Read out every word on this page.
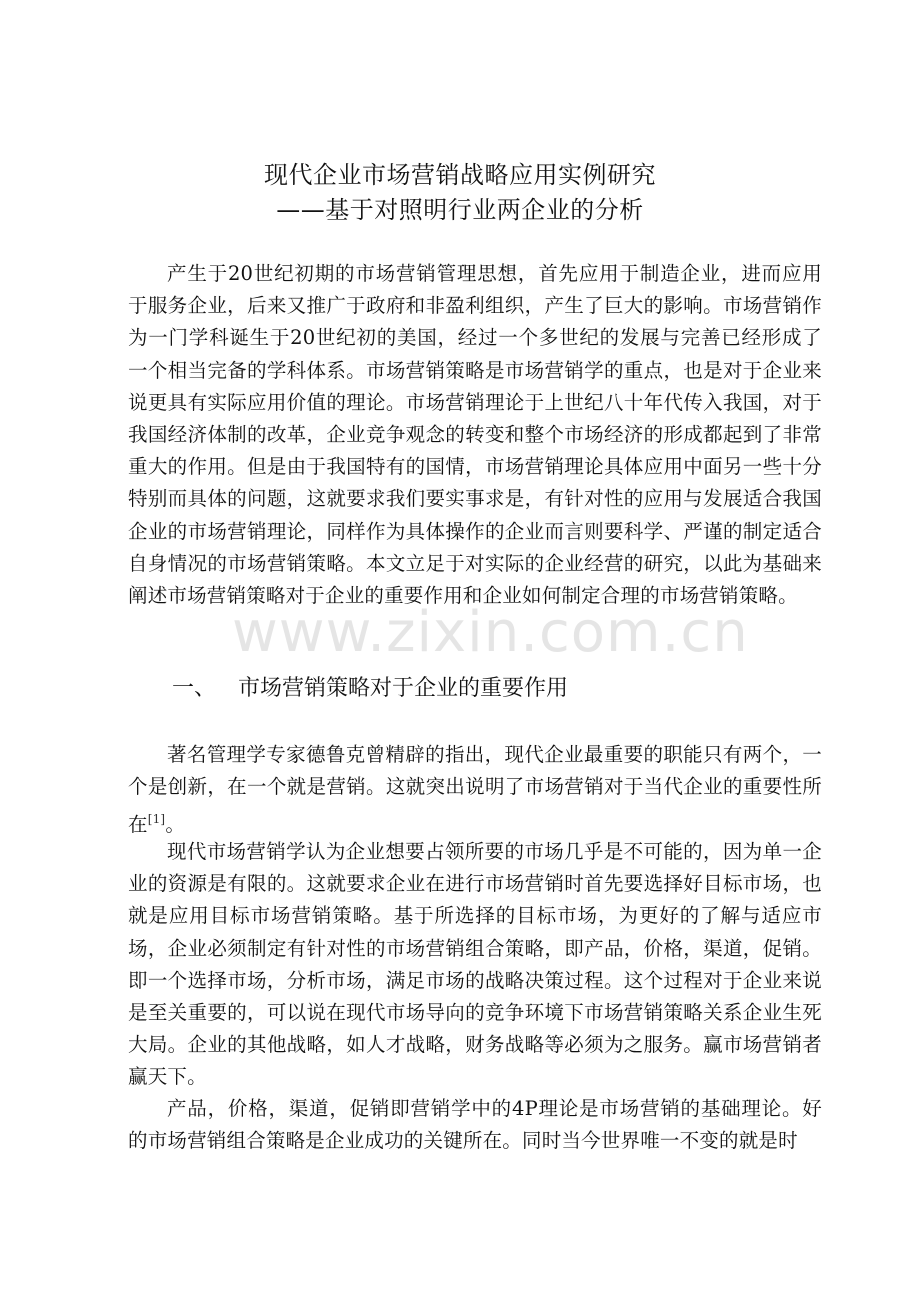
现代企业市场营销战略应用实例研究
——基于对照明行业两企业的分析

产生于20世纪初期的市场营销管理思想，首先应用于制造企业，进而应用于服务企业，后来又推广于政府和非盈利组织，产生了巨大的影响。市场营销作为一门学科诞生于20世纪初的美国，经过一个多世纪的发展与完善已经形成了一个相当完备的学科体系。市场营销策略是市场营销学的重点，也是对于企业来说更具有实际应用价值的理论。市场营销理论于上世纪八十年代传入我国，对于我国经济体制的改革，企业竞争观念的转变和整个市场经济的形成都起到了非常重大的作用。但是由于我国特有的国情，市场营销理论具体应用中面另一些十分特别而具体的问题，这就要求我们要实事求是，有针对性的应用与发展适合我国企业的市场营销理论，同样作为具体操作的企业而言则要科学、严谨的制定适合自身情况的市场营销策略。本文立足于对实际的企业经营的研究，以此为基础来阐述市场营销策略对于企业的重要作用和企业如何制定合理的市场营销策略。

一、 市场营销策略对于企业的重要作用

著名管理学专家德鲁克曾精辟的指出，现代企业最重要的职能只有两个，一个是创新，在一个就是营销。这就突出说明了市场营销对于当代企业的重要性所在[1]。

现代市场营销学认为企业想要占领所要的市场几乎是不可能的，因为单一企业的资源是有限的。这就要求企业在进行市场营销时首先要选择好目标市场，也就是应用目标市场营销策略。基于所选择的目标市场，为更好的了解与适应市场，企业必须制定有针对性的市场营销组合策略，即产品，价格，渠道，促销。即一个选择市场，分析市场，满足市场的战略决策过程。这个过程对于企业来说是至关重要的，可以说在现代市场导向的竞争环境下市场营销策略关系企业生死大局。企业的其他战略，如人才战略，财务战略等必须为之服务。赢市场营销者赢天下。

产品，价格，渠道，促销即营销学中的4P理论是市场营销的基础理论。好的市场营销组合策略是企业成功的关键所在。同时当今世界唯一不变的就是时

www.zixin.com.cn
